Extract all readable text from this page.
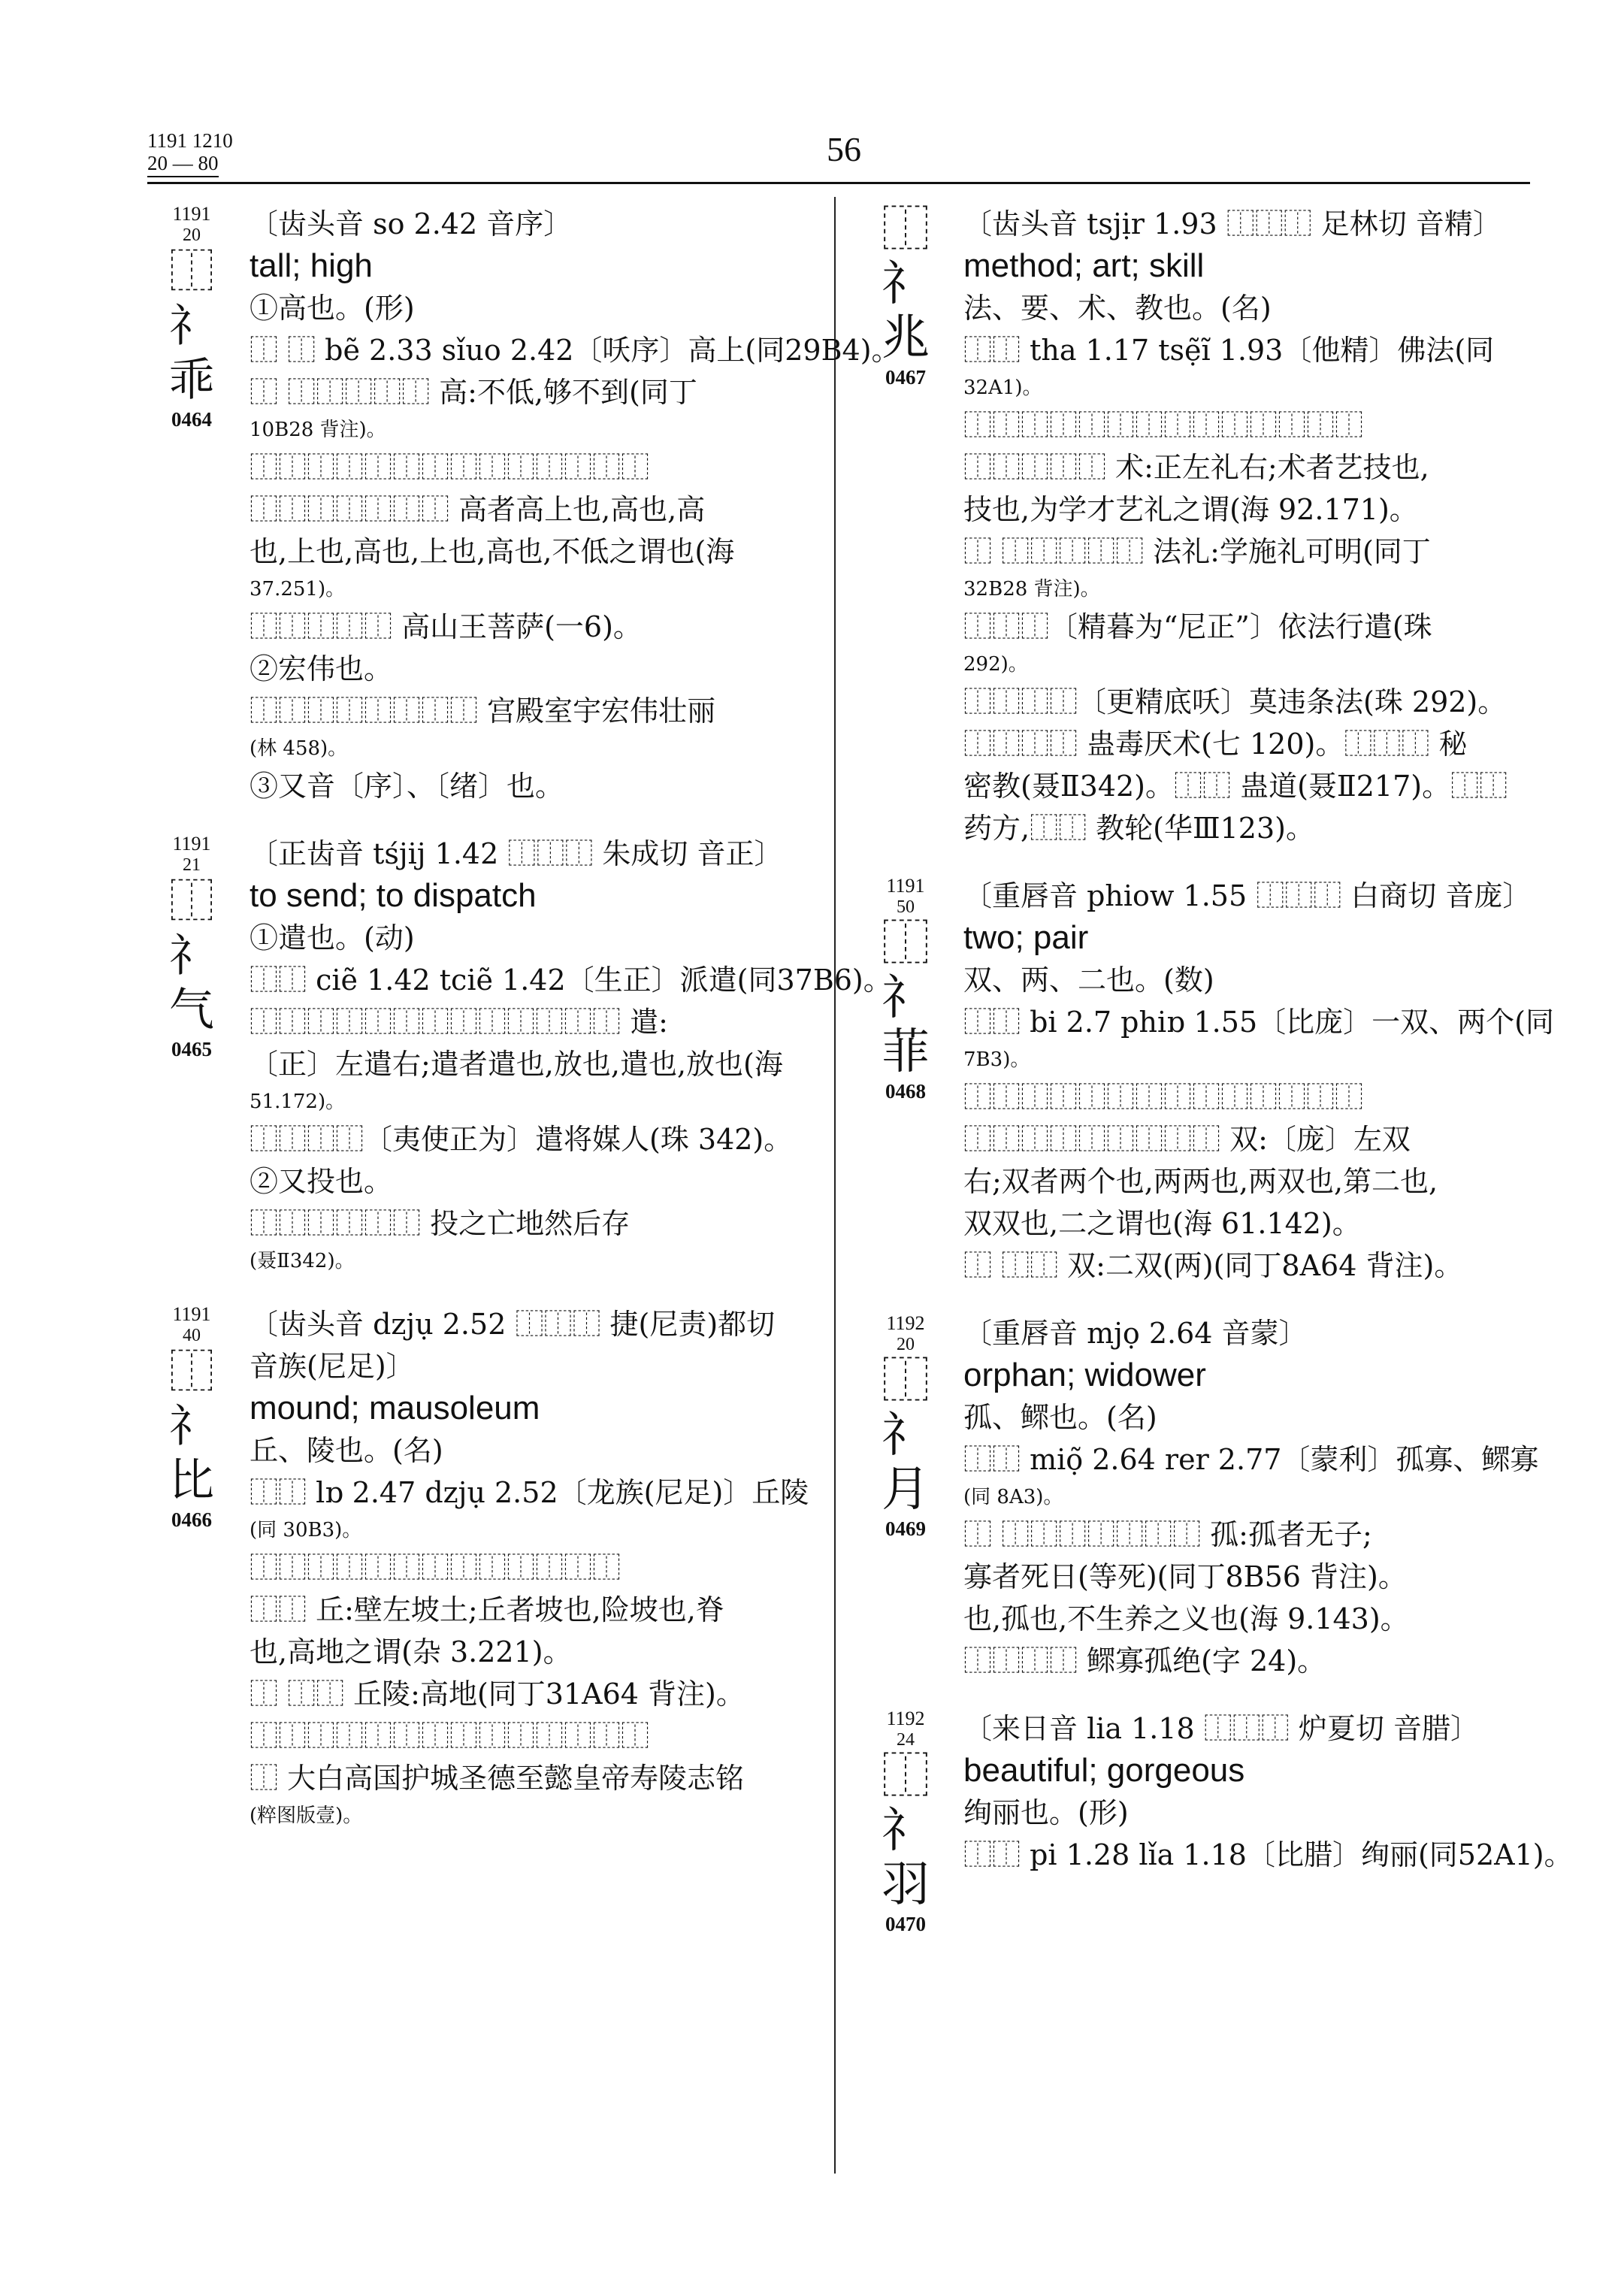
1191 1210
20 — 80	56
1191
20
⿰礻乖
0464
〔齿头音 so 2.42 音序〕
tall; high
①高也。(形)
⿰ ⿰ bẽ 2.33 sǐuo 2.42〔㕭序〕高上(同29B4)。
⿰ ⿰⿰⿰⿰⿰ 高:不低,够不到(同丁
10B28 背注)。
⿰⿰⿰⿰⿰⿰⿰⿰⿰⿰⿰⿰⿰⿰
⿰⿰⿰⿰⿰⿰⿰ 高者高上也,高也,高
也,上也,高也,上也,高也,不低之谓也(海
37.251)。
⿰⿰⿰⿰⿰ 高山王菩萨(一6)。
②宏伟也。
⿰⿰⿰⿰⿰⿰⿰⿰ 宫殿室宇宏伟壮丽
(林 458)。
③又音〔序〕、〔绪〕也。
1191
21
⿰礻气
0465
〔正齿音 tśjij 1.42 ⿰⿰⿰ 朱成切 音正〕
to send; to dispatch
①遣也。(动)
⿰⿰ ciẽ 1.42 tciẽ 1.42〔生正〕派遣(同37B6)。
⿰⿰⿰⿰⿰⿰⿰⿰⿰⿰⿰⿰⿰ 遣:
〔正〕左遣右;遣者遣也,放也,遣也,放也(海
51.172)。
⿰⿰⿰⿰〔夷使正为〕遣将媒人(珠 342)。
②又投也。
⿰⿰⿰⿰⿰⿰ 投之亡地然后存
(聂Ⅱ342)。
1191
40
⿰礻比
0466
〔齿头音 dzjụ 2.52 ⿰⿰⿰ 捷(尼责)都切
音族(尼足)〕
mound; mausoleum
丘、陵也。(名)
⿰⿰ lɒ 2.47 dzjụ 2.52〔龙族(尼足)〕丘陵
(同 30B3)。
⿰⿰⿰⿰⿰⿰⿰⿰⿰⿰⿰⿰⿰
⿰⿰ 丘:壁左坡土;丘者坡也,险坡也,脊
也,高地之谓(杂 3.221)。
⿰ ⿰⿰ 丘陵:高地(同丁31A64 背注)。
⿰⿰⿰⿰⿰⿰⿰⿰⿰⿰⿰⿰⿰⿰
⿰ 大白高国护城圣德至懿皇帝寿陵志铭
(粹图版壹)。
⿰礻兆
0467
〔齿头音 tsjịr 1.93 ⿰⿰⿰ 足林切 音精〕
method; art; skill
法、要、术、教也。(名)
⿰⿰ tha 1.17 tsẹ̃ĩ 1.93〔他精〕佛法(同
32A1)。
⿰⿰⿰⿰⿰⿰⿰⿰⿰⿰⿰⿰⿰⿰
⿰⿰⿰⿰⿰ 术:正左礼右;术者艺技也,
技也,为学才艺礼之谓(海 92.171)。
⿰ ⿰⿰⿰⿰⿰ 法礼:学施礼可明(同丁
32B28 背注)。
⿰⿰⿰〔精暮为“尼正”〕依法行遣(珠
292)。
⿰⿰⿰⿰〔更精底㕭〕莫违条法(珠 292)。
⿰⿰⿰⿰ 蛊毒厌术(七 120)。⿰⿰⿰ 秘
密教(聂Ⅱ342)。⿰⿰ 蛊道(聂Ⅱ217)。⿰⿰
药方,⿰⿰ 教轮(华Ⅲ123)。
1191
50
⿰礻菲
0468
〔重唇音 phiow 1.55 ⿰⿰⿰ 白商切 音庞〕
two; pair
双、两、二也。(数)
⿰⿰ bi 2.7 phiɒ 1.55〔比庞〕一双、两个(同
7B3)。
⿰⿰⿰⿰⿰⿰⿰⿰⿰⿰⿰⿰⿰⿰
⿰⿰⿰⿰⿰⿰⿰⿰⿰ 双:〔庞〕左双
右;双者两个也,两两也,两双也,第二也,
双双也,二之谓也(海 61.142)。
⿰ ⿰⿰ 双:二双(两)(同丁8A64 背注)。
1192
20
⿰礻月
0469
〔重唇音 mjọ 2.64 音蒙〕
orphan; widower
孤、鳏也。(名)
⿰⿰ miọ̃ 2.64 rer 2.77〔蒙利〕孤寡、鳏寡
(同 8A3)。
⿰ ⿰⿰⿰⿰⿰⿰⿰ 孤:孤者无子;
寡者死日(等死)(同丁8B56 背注)。
也,孤也,不生养之义也(海 9.143)。
⿰⿰⿰⿰ 鳏寡孤绝(字 24)。
1192
24
⿰礻羽
0470
〔来日音 lia 1.18 ⿰⿰⿰ 炉夏切 音腊〕
beautiful; gorgeous
绚丽也。(形)
⿰⿰ pi 1.28 lǐa 1.18〔比腊〕绚丽(同52A1)。
